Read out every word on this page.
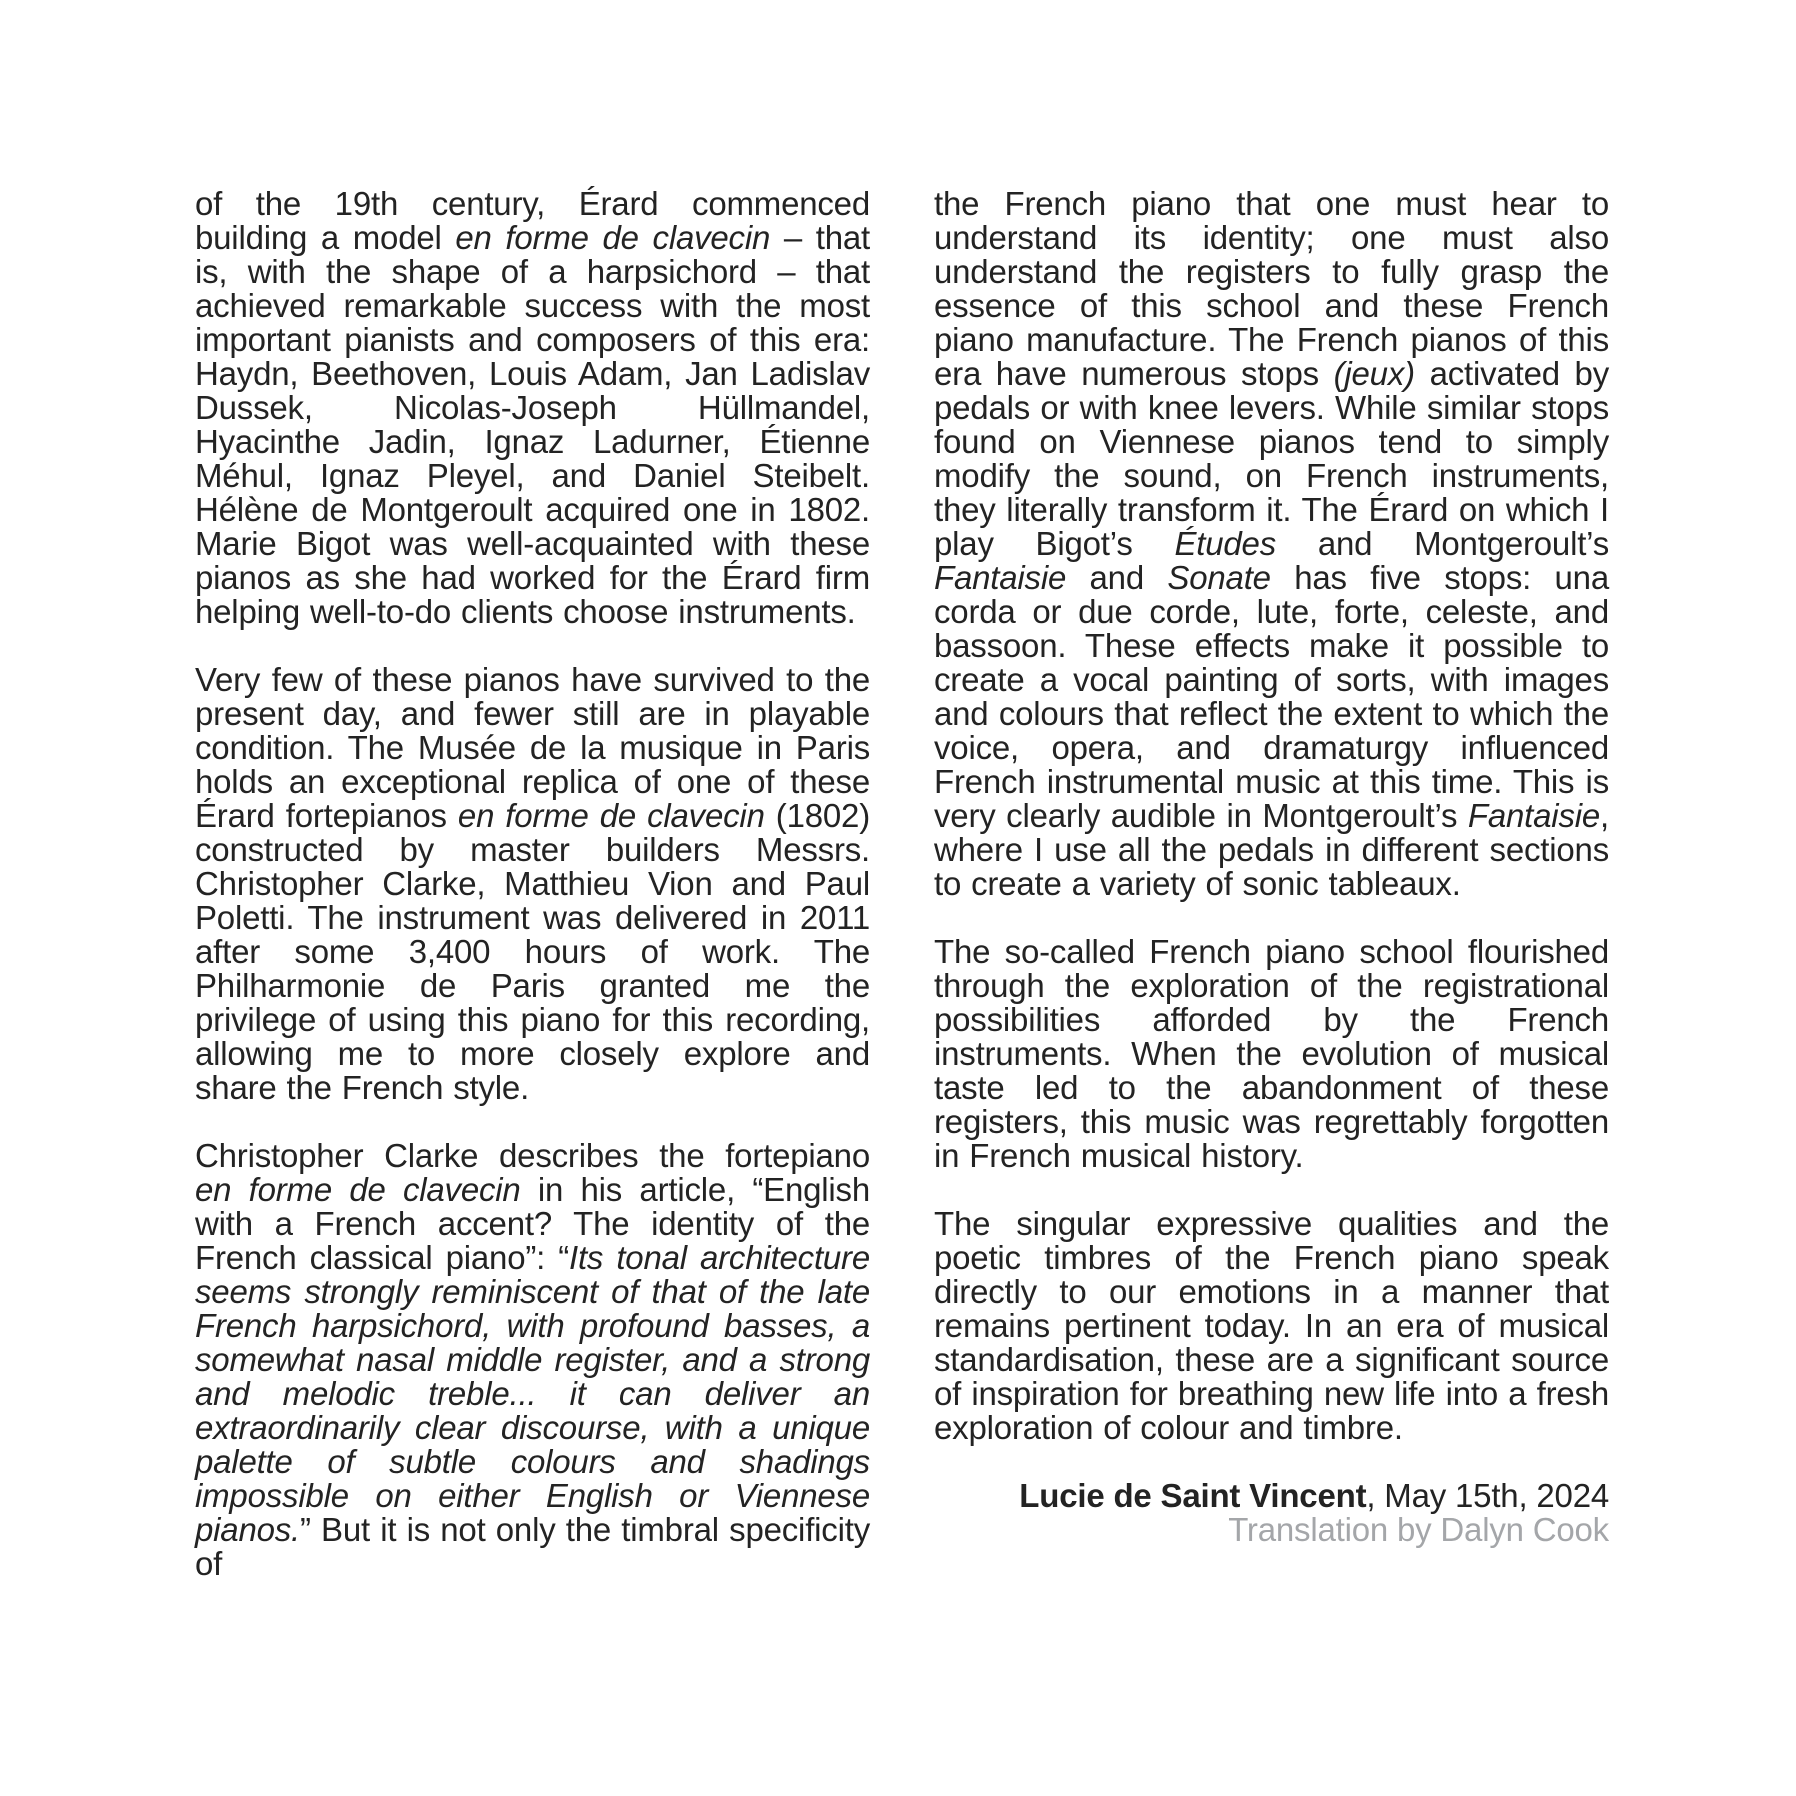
of the 19th century, Érard commenced building a model en forme de clavecin – that is, with the shape of a harpsichord – that achieved remarkable success with the most important pianists and composers of this era: Haydn, Beethoven, Louis Adam, Jan Ladislav Dussek, Nicolas-Joseph Hüllmandel, Hyacinthe Jadin, Ignaz Ladurner, Étienne Méhul, Ignaz Pleyel, and Daniel Steibelt. Hélène de Montgeroult acquired one in 1802. Marie Bigot was well-acquainted with these pianos as she had worked for the Érard firm helping well-to-do clients choose instruments.

Very few of these pianos have survived to the present day, and fewer still are in playable condition. The Musée de la musique in Paris holds an exceptional replica of one of these Érard fortepianos en forme de clavecin (1802) constructed by master builders Messrs. Christopher Clarke, Matthieu Vion and Paul Poletti. The instrument was delivered in 2011 after some 3,400 hours of work. The Philharmonie de Paris granted me the privilege of using this piano for this recording, allowing me to more closely explore and share the French style.

Christopher Clarke describes the fortepiano en forme de clavecin in his article, “English with a French accent? The identity of the French classical piano”: “Its tonal architecture seems strongly reminiscent of that of the late French harpsichord, with profound basses, a somewhat nasal middle register, and a strong and melodic treble... it can deliver an extraordinarily clear discourse, with a unique palette of subtle colours and shadings impossible on either English or Viennese pianos.” But it is not only the timbral specificity of

the French piano that one must hear to understand its identity; one must also understand the registers to fully grasp the essence of this school and these French piano manufacture. The French pianos of this era have numerous stops (jeux) activated by pedals or with knee levers. While similar stops found on Viennese pianos tend to simply modify the sound, on French instruments, they literally transform it. The Érard on which I play Bigot’s Études and Montgeroult’s Fantaisie and Sonate has five stops: una corda or due corde, lute, forte, celeste, and bassoon. These effects make it possible to create a vocal painting of sorts, with images and colours that reflect the extent to which the voice, opera, and dramaturgy influenced French instrumental music at this time. This is very clearly audible in Montgeroult’s Fantaisie, where I use all the pedals in different sections to create a variety of sonic tableaux.

The so-called French piano school flourished through the exploration of the registrational possibilities afforded by the French instruments. When the evolution of musical taste led to the abandonment of these registers, this music was regrettably forgotten in French musical history.

The singular expressive qualities and the poetic timbres of the French piano speak directly to our emotions in a manner that remains pertinent today. In an era of musical standardisation, these are a significant source of inspiration for breathing new life into a fresh exploration of colour and timbre.

Lucie de Saint Vincent, May 15th, 2024
Translation by Dalyn Cook
